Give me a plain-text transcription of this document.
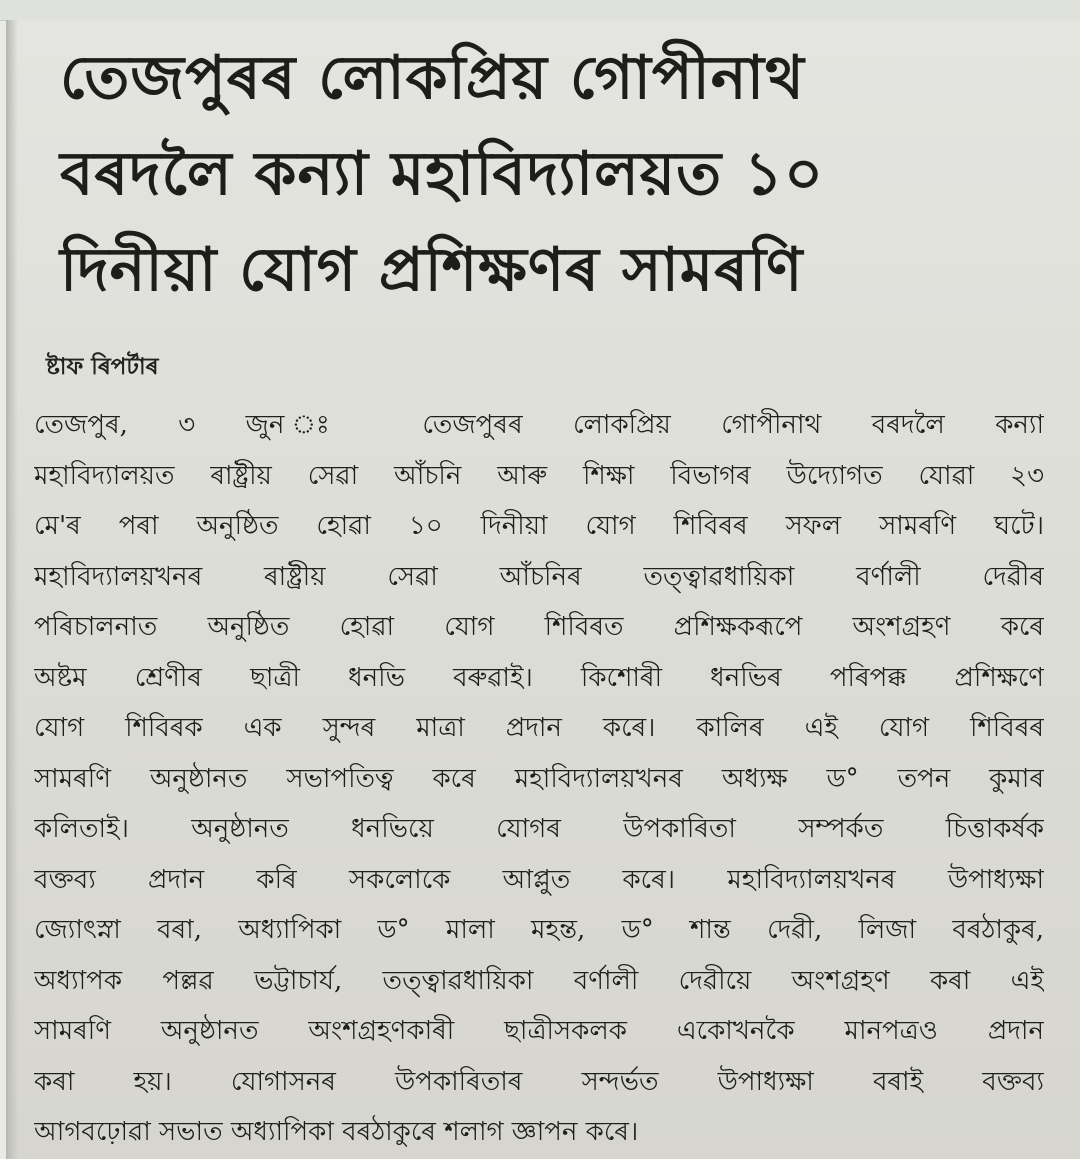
তেজপুৰৰ লোকপ্ৰিয় গোপীনাথ
বৰদলৈ কন্যা মহাবিদ্যালয়ত ১০
দিনীয়া যোগ প্ৰশিক্ষণৰ সামৰণি
ষ্টাফ ৰিপৰ্টাৰ
তেজপুৰ, ৩ জুন ঃ তেজপুৰৰ লোকপ্ৰিয় গোপীনাথ বৰদলৈ কন্যা
মহাবিদ্যালয়ত ৰাষ্ট্ৰীয় সেৱা আঁচনি আৰু শিক্ষা বিভাগৰ উদ্যোগত যোৱা ২৩
মে'ৰ পৰা অনুষ্ঠিত হোৱা ১০ দিনীয়া যোগ শিবিৰৰ সফল সামৰণি ঘটে।
মহাবিদ্যালয়খনৰ ৰাষ্ট্ৰীয় সেৱা আঁচনিৰ তত্ত্বাৱধায়িকা বৰ্ণালী দেৱীৰ
পৰিচালনাত অনুষ্ঠিত হোৱা যোগ শিবিৰত প্ৰশিক্ষকৰূপে অংশগ্ৰহণ কৰে
অষ্টম শ্ৰেণীৰ ছাত্ৰী ধনভি বৰুৱাই। কিশোৰী ধনভিৰ পৰিপক্ক প্ৰশিক্ষণে
যোগ শিবিৰক এক সুন্দৰ মাত্ৰা প্ৰদান কৰে। কালিৰ এই যোগ শিবিৰৰ
সামৰণি অনুষ্ঠানত সভাপতিত্ব কৰে মহাবিদ্যালয়খনৰ অধ্যক্ষ ড° তপন কুমাৰ
কলিতাই। অনুষ্ঠানত ধনভিয়ে যোগৰ উপকাৰিতা সম্পৰ্কত চিত্তাকৰ্ষক
বক্তব্য প্ৰদান কৰি সকলোকে আপ্লুত কৰে। মহাবিদ্যালয়খনৰ উপাধ্যক্ষা
জ্যোৎস্না বৰা, অধ্যাপিকা ড° মালা মহন্ত, ড° শান্ত দেৱী, লিজা বৰঠাকুৰ,
অধ্যাপক পল্লৱ ভট্টাচাৰ্য, তত্ত্বাৱধায়িকা বৰ্ণালী দেৱীয়ে অংশগ্ৰহণ কৰা এই
সামৰণি অনুষ্ঠানত অংশগ্ৰহণকাৰী ছাত্ৰীসকলক একোখনকৈ মানপত্ৰও প্ৰদান
কৰা হয়। যোগাসনৰ উপকাৰিতাৰ সন্দৰ্ভত উপাধ্যক্ষা বৰাই বক্তব্য
আগবঢ়োৱা সভাত অধ্যাপিকা বৰঠাকুৰে শলাগ জ্ঞাপন কৰে।
